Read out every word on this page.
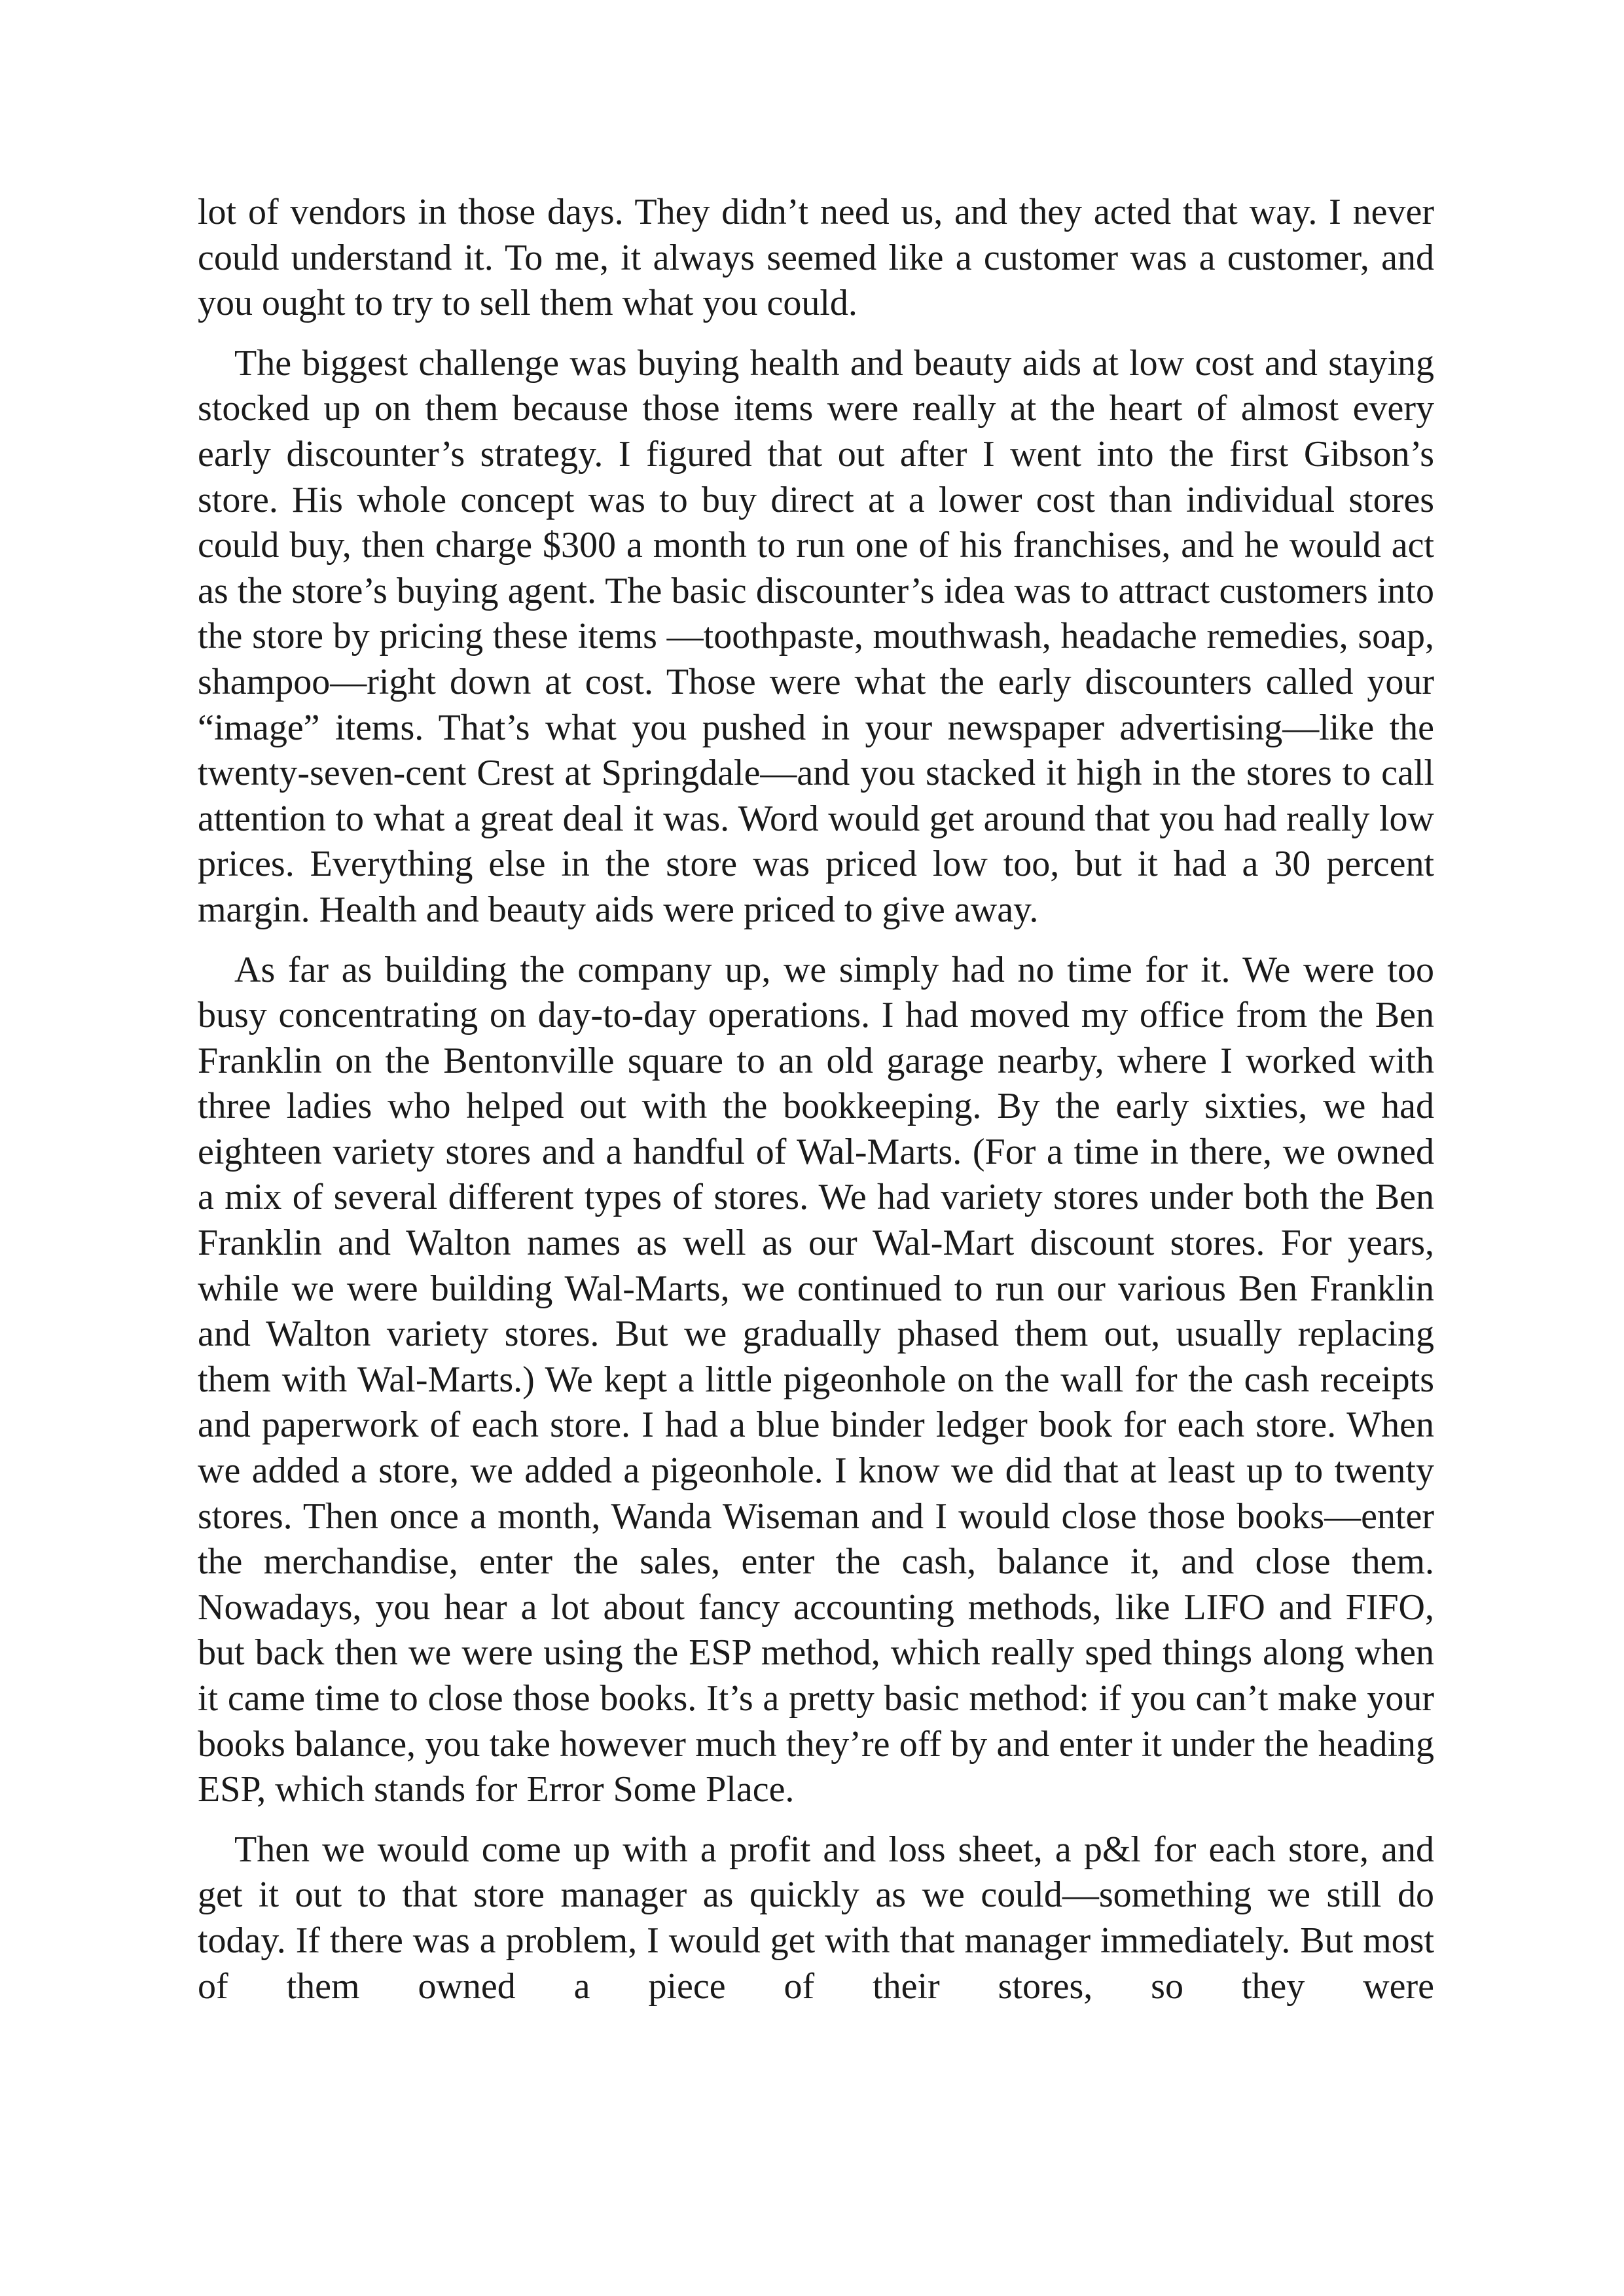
lot of vendors in those days. They didn’t need us, and they acted that way. I never could understand it. To me, it always seemed like a customer was a customer, and you ought to try to sell them what you could.

The biggest challenge was buying health and beauty aids at low cost and staying stocked up on them because those items were really at the heart of almost every early discounter’s strategy. I figured that out after I went into the first Gibson’s store. His whole concept was to buy direct at a lower cost than individual stores could buy, then charge $300 a month to run one of his franchises, and he would act as the store’s buying agent. The basic discounter’s idea was to attract customers into the store by pricing these items —toothpaste, mouthwash, headache remedies, soap, shampoo—right down at cost. Those were what the early discounters called your “image” items. That’s what you pushed in your newspaper advertising—like the twenty-seven-cent Crest at Springdale—and you stacked it high in the stores to call attention to what a great deal it was. Word would get around that you had really low prices. Everything else in the store was priced low too, but it had a 30 percent margin. Health and beauty aids were priced to give away.

As far as building the company up, we simply had no time for it. We were too busy concentrating on day-to-day operations. I had moved my office from the Ben Franklin on the Bentonville square to an old garage nearby, where I worked with three ladies who helped out with the bookkeeping. By the early sixties, we had eighteen variety stores and a handful of Wal-Marts. (For a time in there, we owned a mix of several different types of stores. We had variety stores under both the Ben Franklin and Walton names as well as our Wal-Mart discount stores. For years, while we were building Wal-Marts, we continued to run our various Ben Franklin and Walton variety stores. But we gradually phased them out, usually replacing them with Wal-Marts.) We kept a little pigeonhole on the wall for the cash receipts and paperwork of each store. I had a blue binder ledger book for each store. When we added a store, we added a pigeonhole. I know we did that at least up to twenty stores. Then once a month, Wanda Wiseman and I would close those books—enter the merchandise, enter the sales, enter the cash, balance it, and close them. Nowadays, you hear a lot about fancy accounting methods, like LIFO and FIFO, but back then we were using the ESP method, which really sped things along when it came time to close those books. It’s a pretty basic method: if you can’t make your books balance, you take however much they’re off by and enter it under the heading ESP, which stands for Error Some Place.

Then we would come up with a profit and loss sheet, a p&l for each store, and get it out to that store manager as quickly as we could—something we still do today. If there was a problem, I would get with that manager immediately. But most of them owned a piece of their stores, so they were
